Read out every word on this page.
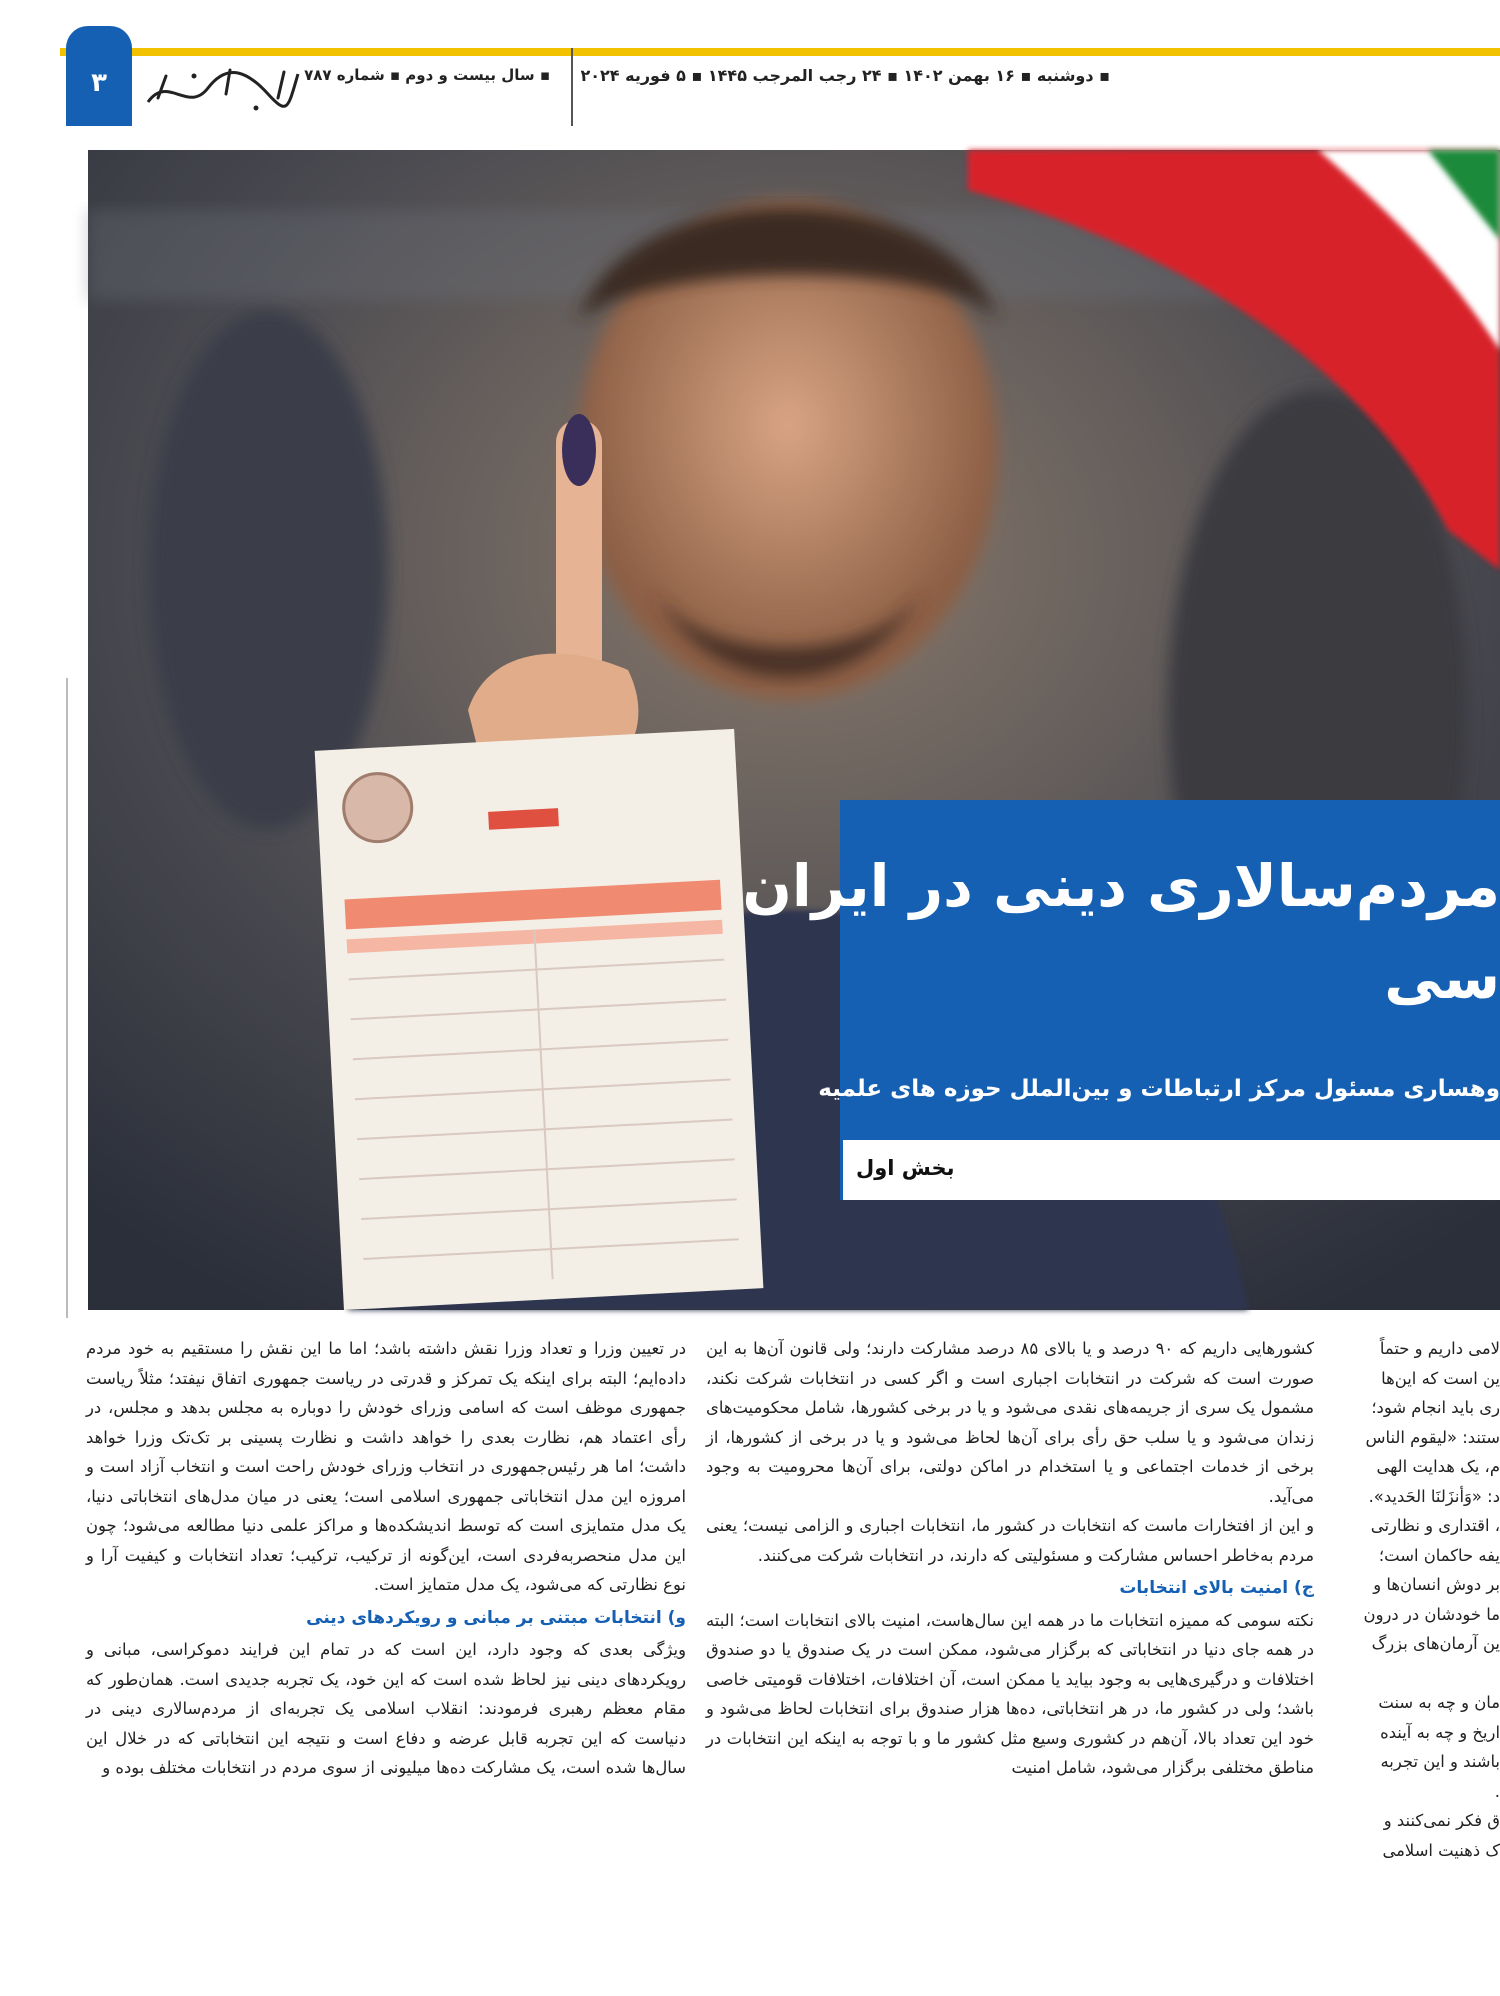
۳	▪ سال بیست و دوم ▪ شماره ۷۸۷ ▪ دوشنبه ▪ ۱۶ بهمن ۱۴۰۲ ▪ ۲۴ رجب المرجب ۱۴۴۵ ▪ ۵ فوریه ۲۰۲۴
مردم‌سالاری دینی در ایران
سی
وهساری مسئول مرکز ارتباطات و بین‌الملل حوزه های علمیه
بخش اول
لامی داریم و حتماً
ین است که این‌ها
ری باید انجام شود؛
ستند: «لیقوم الناس
م، یک هدایت الهی
د: «وَأنزَلنَا الحَدید».
، اقتداری و نظارتی
یفه حاکمان است؛
بر دوش انسان‌ها و
ما خودشان در درون
ین آرمان‌های بزرگ
مان و چه به سنت
اریخ و چه به آینده
باشند و این تجربه
.
ق فکر نمی‌کنند و
ک ذهنیت اسلامی

کشورهایی داریم که ۹۰ درصد و یا بالای ۸۵ درصد مشارکت دارند؛ ولی قانون آن‌ها به این صورت است که شرکت در انتخابات اجباری است و اگر کسی در انتخابات شرکت نکند، مشمول یک سری از جریمه‌های نقدی می‌شود و یا در برخی کشورها، شامل محکومیت‌های زندان می‌شود و یا سلب حق رأی برای آن‌ها لحاظ می‌شود و یا در برخی از کشورها، از برخی از خدمات اجتماعی و یا استخدام در اماکن دولتی، برای آن‌ها محرومیت به وجود می‌آید.

و این از افتخارات ماست که انتخابات در کشور ما، انتخابات اجباری و الزامی نیست؛ یعنی مردم به‌خاطر احساس مشارکت و مسئولیتی که دارند، در انتخابات شرکت می‌کنند.

ج) امنیت بالای انتخابات

نکته سومی که ممیزه انتخابات ما در همه این سال‌هاست، امنیت بالای انتخابات است؛ البته در همه جای دنیا در انتخاباتی که برگزار می‌شود، ممکن است در یک صندوق یا دو صندوق اختلافات و درگیری‌هایی به وجود بیاید یا ممکن است، آن اختلافات، اختلافات قومیتی خاصی باشد؛ ولی در کشور ما، در هر انتخاباتی، ده‌ها هزار صندوق برای انتخابات لحاظ می‌شود و خود این تعداد بالا، آن‌هم در کشوری وسیع مثل کشور ما و با توجه به اینکه این انتخابات در مناطق مختلفی برگزار می‌شود، شامل امنیت

در تعیین وزرا و تعداد وزرا نقش داشته باشد؛ اما ما این نقش را مستقیم به خود مردم داده‌ایم؛ البته برای اینکه یک تمرکز و قدرتی در ریاست جمهوری اتفاق نیفتد؛ مثلاً ریاست جمهوری موظف است که اسامی وزرای خودش را دوباره به مجلس بدهد و مجلس، در رأی اعتماد هم، نظارت بعدی را خواهد داشت و نظارت پسینی بر تک‌تک وزرا خواهد داشت؛ اما هر رئیس‌جمهوری در انتخاب وزرای خودش راحت است و انتخاب آزاد است و امروزه این مدل انتخاباتی جمهوری اسلامی است؛ یعنی در میان مدل‌های انتخاباتی دنیا، یک مدل متمایزی است که توسط اندیشکده‌ها و مراکز علمی دنیا مطالعه می‌شود؛ چون این مدل منحصربه‌فردی است، این‌گونه از ترکیب، ترکیب؛ تعداد انتخابات و کیفیت آرا و نوع نظارتی که می‌شود، یک مدل متمایز است.

و) انتخابات مبتنی بر مبانی و رویکردهای دینی

ویژگی بعدی که وجود دارد، این است که در تمام این فرایند دموکراسی، مبانی و رویکردهای دینی نیز لحاظ شده است که این خود، یک تجربه جدیدی است. همان‌طور که مقام معظم رهبری فرمودند: انقلاب اسلامی یک تجربه‌ای از مردم‌سالاری دینی در دنیاست که این تجربه قابل عرضه و دفاع است و نتیجه این انتخاباتی که در خلال این سال‌ها شده است، یک مشارکت ده‌ها میلیونی از سوی مردم در انتخابات مختلف بوده و
